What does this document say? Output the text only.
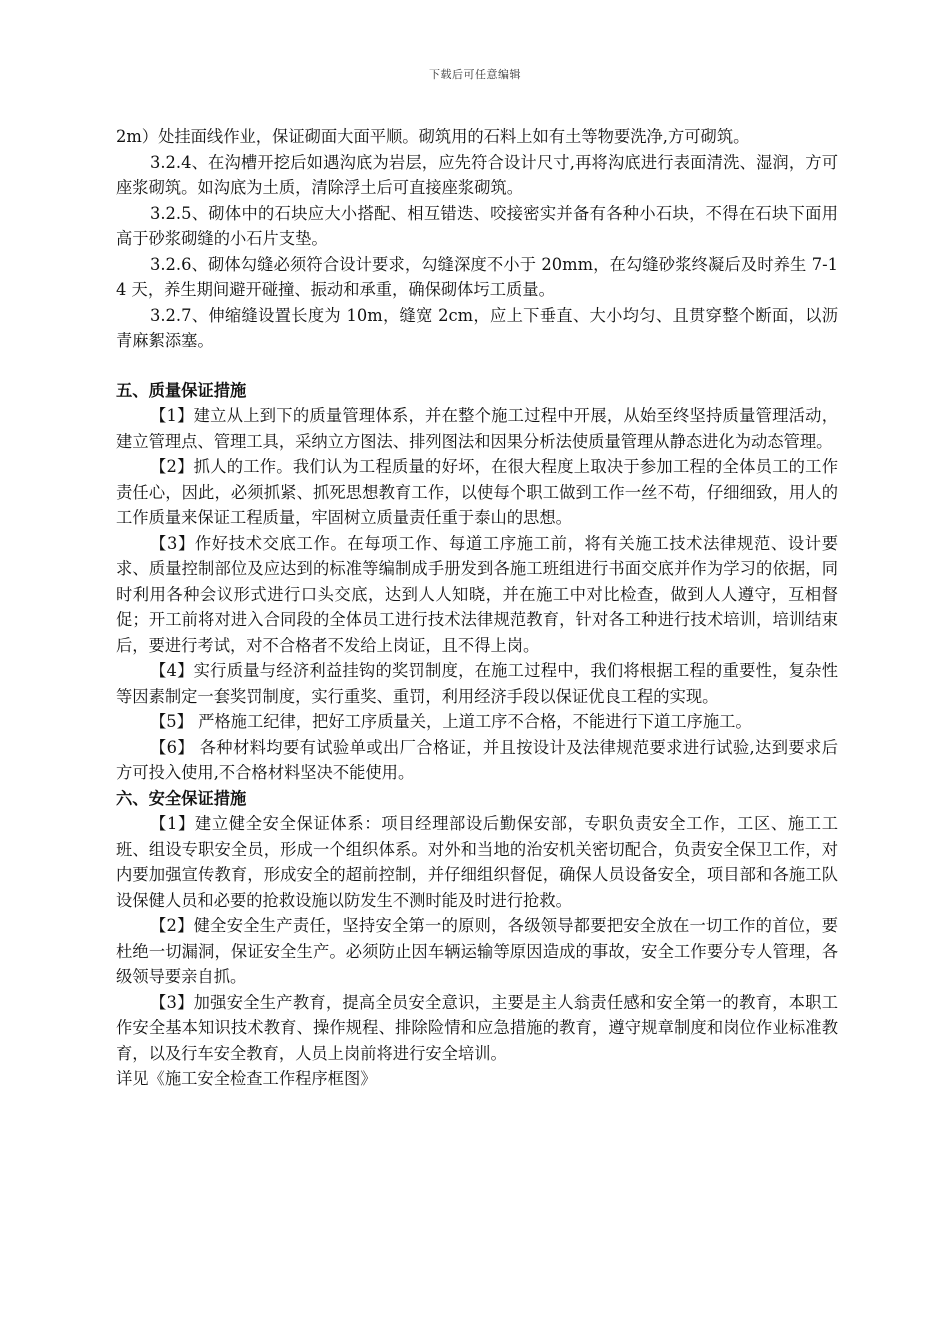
下载后可任意编辑

2m）处挂面线作业，保证砌面大面平顺。砌筑用的石料上如有土等物要洗净,方可砌筑。

3.2.4、在沟槽开挖后如遇沟底为岩层，应先符合设计尺寸,再将沟底进行表面清洗、湿润，方可座浆砌筑。如沟底为土质，清除浮土后可直接座浆砌筑。

3.2.5、砌体中的石块应大小搭配、相互错迭、咬接密实并备有各种小石块，不得在石块下面用高于砂浆砌缝的小石片支垫。

3.2.6、砌体勾缝必须符合设计要求，勾缝深度不小于 20mm，在勾缝砂浆终凝后及时养生 7-14 天，养生期间避开碰撞、振动和承重，确保砌体圬工质量。

3.2.7、伸缩缝设置长度为 10m，缝宽 2cm，应上下垂直、大小均匀、且贯穿整个断面，以沥青麻絮添塞。

五、质量保证措施

【1】建立从上到下的质量管理体系，并在整个施工过程中开展，从始至终坚持质量管理活动，建立管理点、管理工具，采纳立方图法、排列图法和因果分析法使质量管理从静态进化为动态管理。

【2】抓人的工作。我们认为工程质量的好坏，在很大程度上取决于参加工程的全体员工的工作责任心，因此，必须抓紧、抓死思想教育工作，以使每个职工做到工作一丝不苟，仔细细致，用人的工作质量来保证工程质量，牢固树立质量责任重于泰山的思想。

【3】作好技术交底工作。在每项工作、每道工序施工前，将有关施工技术法律规范、设计要求、质量控制部位及应达到的标准等编制成手册发到各施工班组进行书面交底并作为学习的依据，同时利用各种会议形式进行口头交底，达到人人知晓，并在施工中对比检查，做到人人遵守，互相督促；开工前将对进入合同段的全体员工进行技术法律规范教育，针对各工种进行技术培训，培训结束后，要进行考试，对不合格者不发给上岗证，且不得上岗。

【4】实行质量与经济利益挂钩的奖罚制度，在施工过程中，我们将根据工程的重要性，复杂性等因素制定一套奖罚制度，实行重奖、重罚，利用经济手段以保证优良工程的实现。

【5】 严格施工纪律，把好工序质量关，上道工序不合格，不能进行下道工序施工。

【6】 各种材料均要有试验单或出厂合格证，并且按设计及法律规范要求进行试验,达到要求后方可投入使用,不合格材料坚决不能使用。

六、安全保证措施

【1】建立健全安全保证体系：项目经理部设后勤保安部，专职负责安全工作，工区、施工工班、组设专职安全员，形成一个组织体系。对外和当地的治安机关密切配合，负责安全保卫工作，对内要加强宣传教育，形成安全的超前控制，并仔细组织督促，确保人员设备安全，项目部和各施工队设保健人员和必要的抢救设施以防发生不测时能及时进行抢救。

【2】健全安全生产责任，坚持安全第一的原则，各级领导都要把安全放在一切工作的首位，要杜绝一切漏洞，保证安全生产。必须防止因车辆运输等原因造成的事故，安全工作要分专人管理，各级领导要亲自抓。

【3】加强安全生产教育，提高全员安全意识，主要是主人翁责任感和安全第一的教育，本职工作安全基本知识技术教育、操作规程、排除险情和应急措施的教育，遵守规章制度和岗位作业标准教育，以及行车安全教育，人员上岗前将进行安全培训。

详见《施工安全检查工作程序框图》
